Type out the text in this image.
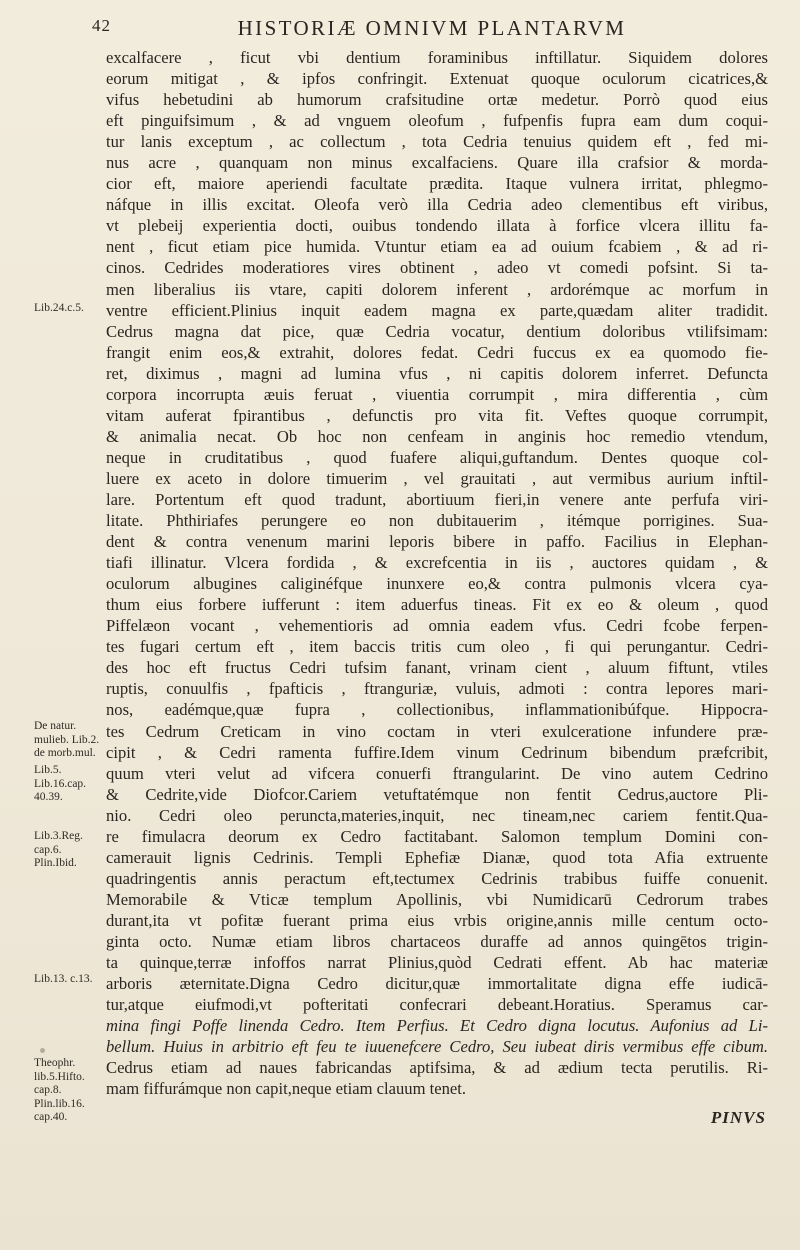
42	HISTORIÆ OMNIVM PLANTARVM
excalfacere , ficut vbi dentium foraminibus inftillatur. Siquidem dolores
eorum mitigat , & ipfos confringit. Extenuat quoque oculorum cicatrices,&
vifus hebetudini ab humorum crafsitudine ortæ medetur. Porrò quod eius
eft pinguifsimum , & ad vnguem oleofum , fufpenfis fupra eam dum coqui-
tur lanis exceptum , ac collectum , tota Cedria tenuius quidem eft , fed mi-
nus acre , quanquam non minus excalfaciens. Quare illa crafsior & morda-
cior eft, maiore aperiendi facultate prædita. Itaque vulnera irritat, phlegmo-
náfque in illis excitat. Oleofa verò illa Cedria adeo clementibus eft viribus,
vt plebeij experientia docti, ouibus tondendo illata à forfice vlcera illitu fa-
nent , ficut etiam pice humida. Vtuntur etiam ea ad ouium fcabiem , & ad ri-
cinos. Cedrides moderatiores vires obtinent , adeo vt comedi pofsint. Si ta-
men liberalius iis vtare, capiti dolorem inferent , ardorémque ac morfum in
ventre efficient.Plinius inquit eadem magna ex parte,quædam aliter tradidit.
Cedrus magna dat pice, quæ Cedria vocatur, dentium doloribus vtilifsimam:
frangit enim eos,& extrahit, dolores fedat. Cedri fuccus ex ea quomodo fie-
ret, diximus , magni ad lumina vfus , ni capitis dolorem inferret. Defuncta
corpora incorrupta æuis feruat , viuentia corrumpit , mira differentia , cùm
vitam auferat fpirantibus , defunctis pro vita fit. Veftes quoque corrumpit,
& animalia necat. Ob hoc non cenfeam in anginis hoc remedio vtendum,
neque in cruditatibus , quod fuafere aliqui,guftandum. Dentes quoque col-
luere ex aceto in dolore timuerim , vel grauitati , aut vermibus aurium inftil-
lare. Portentum eft quod tradunt, abortiuum fieri,in venere ante perfufa viri-
litate. Phthiriafes perungere eo non dubitauerim , itémque porrigines. Sua-
dent & contra venenum marini leporis bibere in paffo. Facilius in Elephan-
tiafi illinatur. Vlcera fordida , & excrefcentia in iis , auctores quidam , &
oculorum albugines caliginéfque inunxere eo,& contra pulmonis vlcera cya-
thum eius forbere iufferunt : item aduerfus tineas. Fit ex eo & oleum , quod
Piffelæon vocant , vehementioris ad omnia eadem vfus. Cedri fcobe ferpen-
tes fugari certum eft , item baccis tritis cum oleo , fi qui perungantur. Cedri-
des hoc eft fructus Cedri tufsim fanant, vrinam cient , aluum fiftunt, vtiles
ruptis, conuulfis , fpafticis , ftranguriæ, vuluis, admoti : contra lepores mari-
nos, eadémque,quæ fupra , collectionibus, inflammationibúfque. Hippocra-
tes Cedrum Creticam in vino coctam in vteri exulceratione infundere præ-
cipit , & Cedri ramenta fuffire.Idem vinum Cedrinum bibendum præfcribit,
quum vteri velut ad vifcera conuerfi ftrangularint. De vino autem Cedrino
& Cedrite,vide Diofcor.Cariem vetuftatémque non fentit Cedrus,auctore Pli-
nio. Cedri oleo peruncta,materies,inquit, nec tineam,nec cariem fentit.Qua-
re fimulacra deorum ex Cedro factitabant. Salomon templum Domini con-
camerauit lignis Cedrinis. Templi Ephefiæ Dianæ, quod tota Afia extruente
quadringentis annis peractum eft,tectumex Cedrinis trabibus fuiffe conuenit.
Memorabile & Vticæ templum Apollinis, vbi Numidicarū Cedrorum trabes
durant,ita vt pofitæ fuerant prima eius vrbis origine,annis mille centum octo-
ginta octo. Numæ etiam libros chartaceos duraffe ad annos quingētos trigin-
ta quinque,terræ infoffos narrat Plinius,quòd Cedrati effent. Ab hac materiæ
arboris æternitate.Digna Cedro dicitur,quæ immortalitate digna effe iudicā-
tur,atque eiufmodi,vt pofteritati confecrari debeant.Horatius. Speramus car-
mina fingi Poffe linenda Cedro. Item Perfius. Et Cedro digna locutus. Aufonius ad Li-
bellum. Huius in arbitrio eft feu te iuuenefcere Cedro, Seu iubeat diris vermibus effe cibum.
Cedrus etiam ad naues fabricandas aptifsima, & ad ædium tecta perutilis. Ri-
mam fiffurámque non capit,neque etiam clauum tenet.
Lib.24.c.5.
De natur. mulieb. Lib.2. de morb.mul.
Lib.5. Lib.16.cap. 40.39.
Lib.3.Reg. cap.6. Plin.Ibid.
Lib.13. c.13.
Theophr. lib.5.Hifto. cap.8. Plin.lib.16. cap.40.	PINVS
